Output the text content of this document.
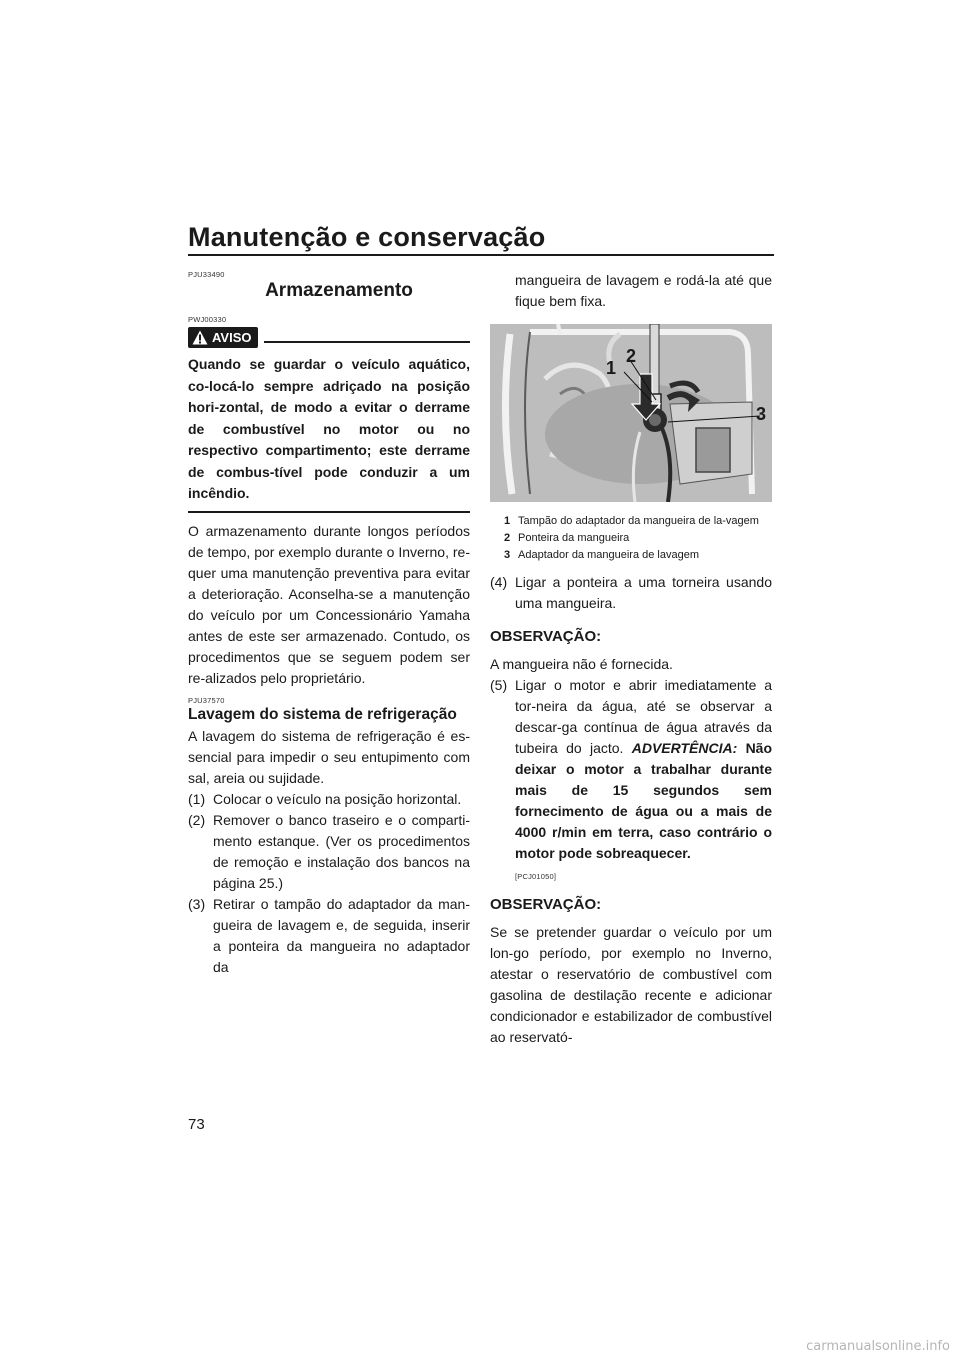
Manutenção e conservação
PJU33490
Armazenamento
PWJ00330
AVISO
Quando se guardar o veículo aquático, co-locá-lo sempre adriçado na posição hori-zontal, de modo a evitar o derrame de combustível no motor ou no respectivo compartimento; este derrame de combus-tível pode conduzir a um incêndio.

O armazenamento durante longos períodos de tempo, por exemplo durante o Inverno, re-quer uma manutenção preventiva para evitar a deterioração. Aconselha-se a manutenção do veículo por um Concessionário Yamaha antes de este ser armazenado. Contudo, os procedimentos que se seguem podem ser re-alizados pelo proprietário.

PJU37570
Lavagem do sistema de refrigeração

A lavagem do sistema de refrigeração é es-sencial para impedir o seu entupimento com sal, areia ou sujidade.

(1) Colocar o veículo na posição horizontal.
(2) Remover o banco traseiro e o comparti-mento estanque. (Ver os procedimentos de remoção e instalação dos bancos na página 25.)
(3) Retirar o tampão do adaptador da man-gueira de lavagem e, de seguida, inserir a ponteira da mangueira no adaptador da

mangueira de lavagem e rodá-la até que fique bem fixa.

1
2
3
1 Tampão do adaptador da mangueira de la-vagem
2 Ponteira da mangueira
3 Adaptador da mangueira de lavagem
(4) Ligar a ponteira a uma torneira usando uma mangueira.
OBSERVAÇÃO:

A mangueira não é fornecida.

(5) Ligar o motor e abrir imediatamente a tor-neira da água, até se observar a descar-ga contínua de água através da tubeira do jacto. ADVERTÊNCIA: Não deixar o motor a trabalhar durante mais de 15 segundos sem fornecimento de água ou a mais de 4000 r/min em terra, caso contrário o motor pode sobreaquecer.
[PCJ01050]
OBSERVAÇÃO:

Se se pretender guardar o veículo por um lon-go período, por exemplo no Inverno, atestar o reservatório de combustível com gasolina de destilação recente e adicionar condicionador e estabilizador de combustível ao reservató-

73
carmanualsonline.info
